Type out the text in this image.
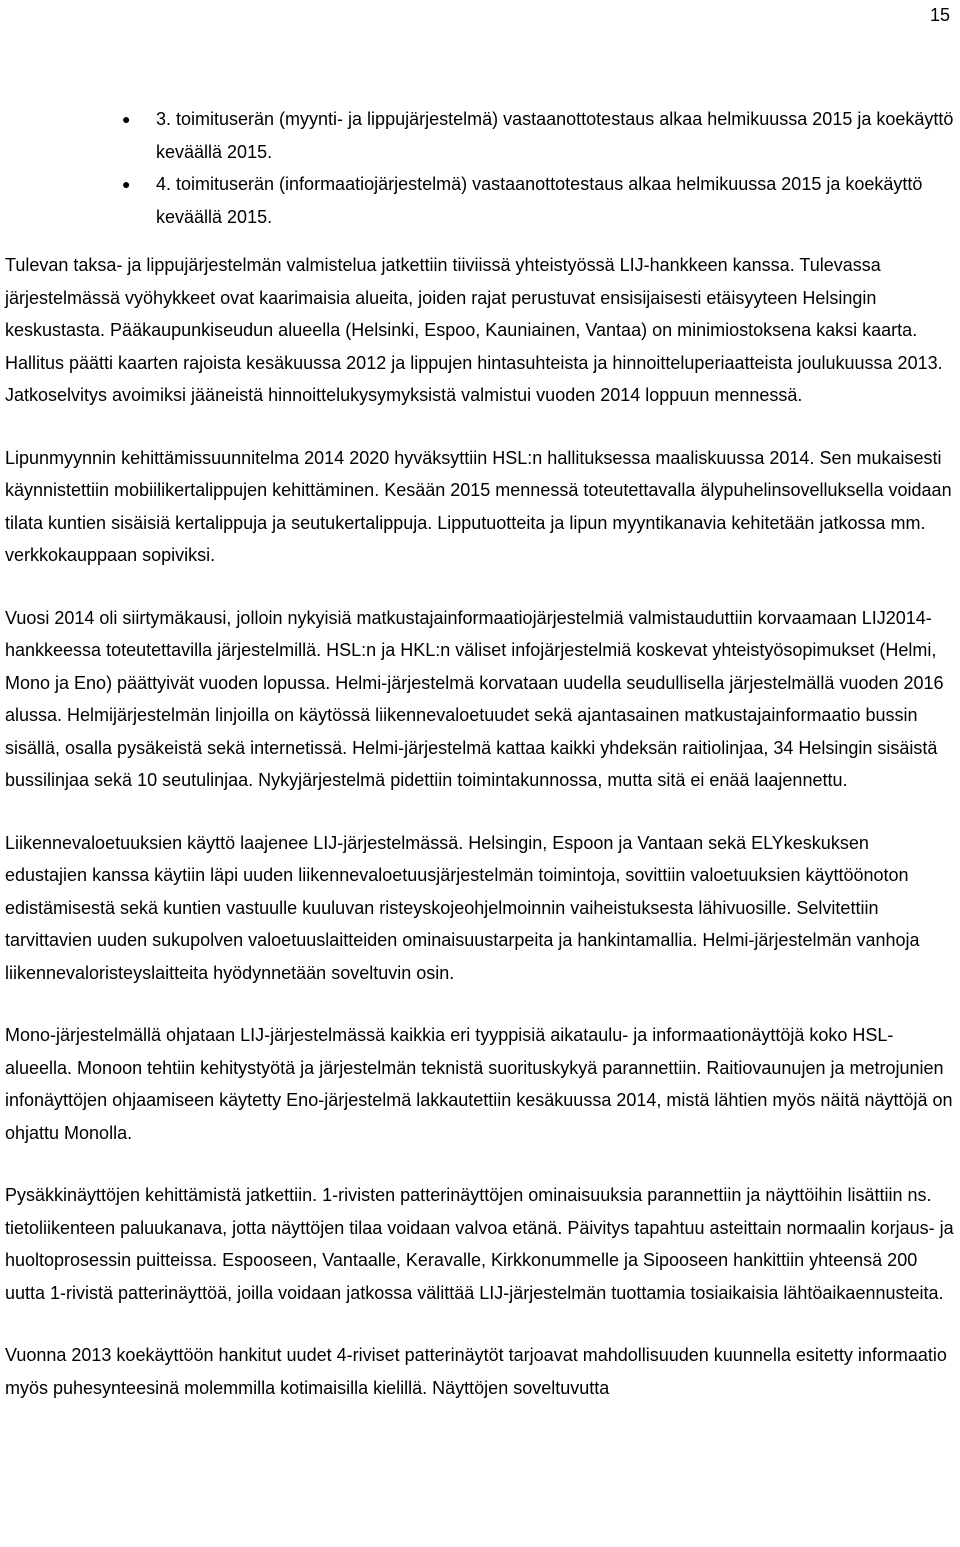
15
● 3. toimituserän (myynti- ja lippujärjestelmä) vastaanottotestaus alkaa helmikuussa 2015 ja koekäyttö keväällä 2015.
● 4. toimituserän (informaatiojärjestelmä) vastaanottotestaus alkaa helmikuussa 2015 ja koekäyttö keväällä 2015.

Tulevan taksa- ja lippujärjestelmän valmistelua jatkettiin tiiviissä yhteistyössä LIJ-hankkeen kanssa. Tulevassa järjestelmässä vyöhykkeet ovat kaarimaisia alueita, joiden rajat perustuvat ensisijaisesti etäisyyteen Helsingin keskustasta. Pääkaupunkiseudun alueella (Helsinki, Espoo, Kauniainen, Vantaa) on minimiostoksena kaksi kaarta. Hallitus päätti kaarten rajoista kesäkuussa 2012 ja lippujen hintasuhteista ja hinnoitteluperiaatteista joulukuussa 2013. Jatkoselvitys avoimiksi jääneistä hinnoittelukysymyksistä valmistui vuoden 2014 loppuun mennessä.

Lipunmyynnin kehittämissuunnitelma 2014 2020 hyväksyttiin HSL:n hallituksessa maaliskuussa 2014. Sen mukaisesti käynnistettiin mobiilikertalippujen kehittäminen. Kesään 2015 mennessä toteutettavalla älypuhelinsovelluksella voidaan tilata kuntien sisäisiä kertalippuja ja seutukertalippuja. Lipputuotteita ja lipun myyntikanavia kehitetään jatkossa mm. verkkokauppaan sopiviksi.

Vuosi 2014 oli siirtymäkausi, jolloin nykyisiä matkustajainformaatiojärjestelmiä valmistauduttiin korvaamaan LIJ2014-hankkeessa toteutettavilla järjestelmillä. HSL:n ja HKL:n väliset infojärjestelmiä koskevat yhteistyösopimukset (Helmi, Mono ja Eno) päättyivät vuoden lopussa. Helmi-järjestelmä korvataan uudella seudullisella järjestelmällä vuoden 2016 alussa. Helmijärjestelmän linjoilla on käytössä liikennevaloetuudet sekä ajantasainen matkustajainformaatio bussin sisällä, osalla pysäkeistä sekä internetissä. Helmi-järjestelmä kattaa kaikki yhdeksän raitiolinjaa, 34 Helsingin sisäistä bussilinjaa sekä 10 seutulinjaa. Nykyjärjestelmä pidettiin toimintakunnossa, mutta sitä ei enää laajennettu.

Liikennevaloetuuksien käyttö laajenee LIJ-järjestelmässä. Helsingin, Espoon ja Vantaan sekä ELYkeskuksen edustajien kanssa käytiin läpi uuden liikennevaloetuusjärjestelmän toimintoja, sovittiin valoetuuksien käyttöönoton edistämisestä sekä kuntien vastuulle kuuluvan risteyskojeohjelmoinnin vaiheistuksesta lähivuosille. Selvitettiin tarvittavien uuden sukupolven valoetuuslaitteiden ominaisuustarpeita ja hankintamallia. Helmi-järjestelmän vanhoja liikennevaloristeyslaitteita hyödynnetään soveltuvin osin.

Mono-järjestelmällä ohjataan LIJ-järjestelmässä kaikkia eri tyyppisiä aikataulu- ja informaationäyttöjä koko HSL-alueella. Monoon tehtiin kehitystyötä ja järjestelmän teknistä suorituskykyä parannettiin. Raitiovaunujen ja metrojunien infonäyttöjen ohjaamiseen käytetty Eno-järjestelmä lakkautettiin kesäkuussa 2014, mistä lähtien myös näitä näyttöjä on ohjattu Monolla.

Pysäkkinäyttöjen kehittämistä jatkettiin. 1-rivisten patterinäyttöjen ominaisuuksia parannettiin ja näyttöihin lisättiin ns. tietoliikenteen paluukanava, jotta näyttöjen tilaa voidaan valvoa etänä. Päivitys tapahtuu asteittain normaalin korjaus- ja huoltoprosessin puitteissa. Espooseen, Vantaalle, Keravalle, Kirkkonummelle ja Sipooseen hankittiin yhteensä 200 uutta 1-rivistä patterinäyttöä, joilla voidaan jatkossa välittää LIJ-järjestelmän tuottamia tosiaikaisia lähtöaikaennusteita.

Vuonna 2013 koekäyttöön hankitut uudet 4-riviset patterinäytöt tarjoavat mahdollisuuden kuunnella esitetty informaatio myös puhesynteesinä molemmilla kotimaisilla kielillä. Näyttöjen soveltuvutta
